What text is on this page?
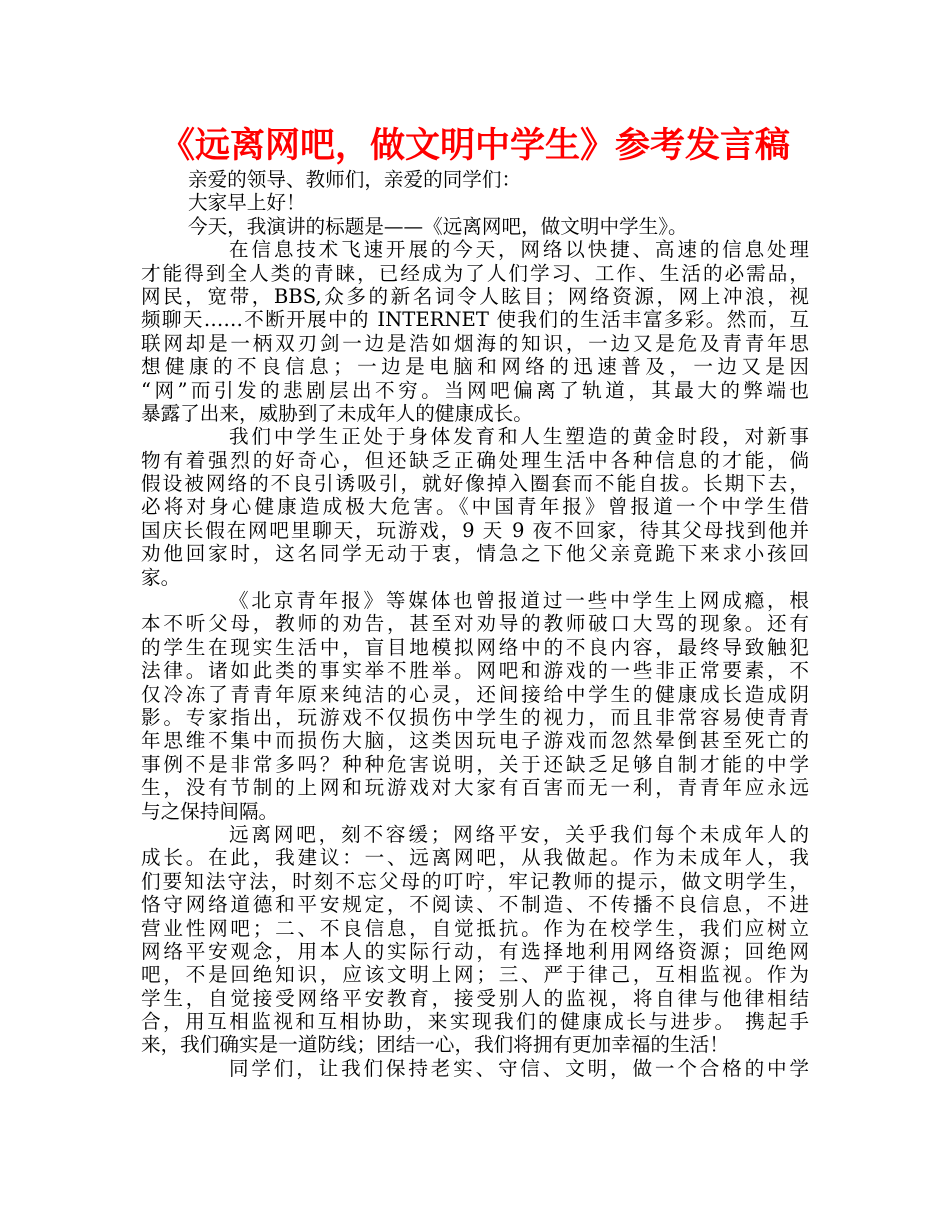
《远离网吧，做文明中学生》参考发言稿
亲爱的领导、教师们，亲爱的同学们：
大家早上好！
今天，我演讲的标题是——《远离网吧，做文明中学生》。
在信息技术飞速开展的今天，网络以快捷、高速的信息处理
才能得到全人类的青睐，已经成为了人们学习、工作、生活的必需品，
网民，宽带，BBS,众多的新名词令人眩目；网络资源，网上冲浪，视
频聊天……不断开展中的 INTERNET 使我们的生活丰富多彩。然而，互
联网却是一柄双刃剑一边是浩如烟海的知识，一边又是危及青青年思
想健康的不良信息；一边是电脑和网络的迅速普及，一边又是因
“网”而引发的悲剧层出不穷。当网吧偏离了轨道，其最大的弊端也
暴露了出来，威胁到了未成年人的健康成长。
我们中学生正处于身体发育和人生塑造的黄金时段，对新事
物有着强烈的好奇心，但还缺乏正确处理生活中各种信息的才能，倘
假设被网络的不良引诱吸引，就好像掉入圈套而不能自拔。长期下去，
必将对身心健康造成极大危害。《中国青年报》曾报道一个中学生借
国庆长假在网吧里聊天，玩游戏，9 天 9 夜不回家，待其父母找到他并
劝他回家时，这名同学无动于衷，情急之下他父亲竟跪下来求小孩回
家。
《北京青年报》等媒体也曾报道过一些中学生上网成瘾，根
本不听父母，教师的劝告，甚至对劝导的教师破口大骂的现象。还有
的学生在现实生活中，盲目地模拟网络中的不良内容，最终导致触犯
法律。诸如此类的事实举不胜举。网吧和游戏的一些非正常要素，不
仅冷冻了青青年原来纯洁的心灵，还间接给中学生的健康成长造成阴
影。专家指出，玩游戏不仅损伤中学生的视力，而且非常容易使青青
年思维不集中而损伤大脑，这类因玩电子游戏而忽然晕倒甚至死亡的
事例不是非常多吗？种种危害说明，关于还缺乏足够自制才能的中学
生，没有节制的上网和玩游戏对大家有百害而无一利，青青年应永远
与之保持间隔。
远离网吧，刻不容缓；网络平安，关乎我们每个未成年人的
成长。在此，我建议：一、远离网吧，从我做起。作为未成年人，我
们要知法守法，时刻不忘父母的叮咛，牢记教师的提示，做文明学生，
恪守网络道德和平安规定，不阅读、不制造、不传播不良信息，不进
营业性网吧；二、不良信息，自觉抵抗。作为在校学生，我们应树立
网络平安观念，用本人的实际行动，有选择地利用网络资源；回绝网
吧，不是回绝知识，应该文明上网；三、严于律己，互相监视。作为
学生，自觉接受网络平安教育，接受别人的监视，将自律与他律相结
合，用互相监视和互相协助，来实现我们的健康成长与进步。 携起手
来，我们确实是一道防线；团结一心，我们将拥有更加幸福的生活！
同学们，让我们保持老实、守信、文明，做一个合格的中学
